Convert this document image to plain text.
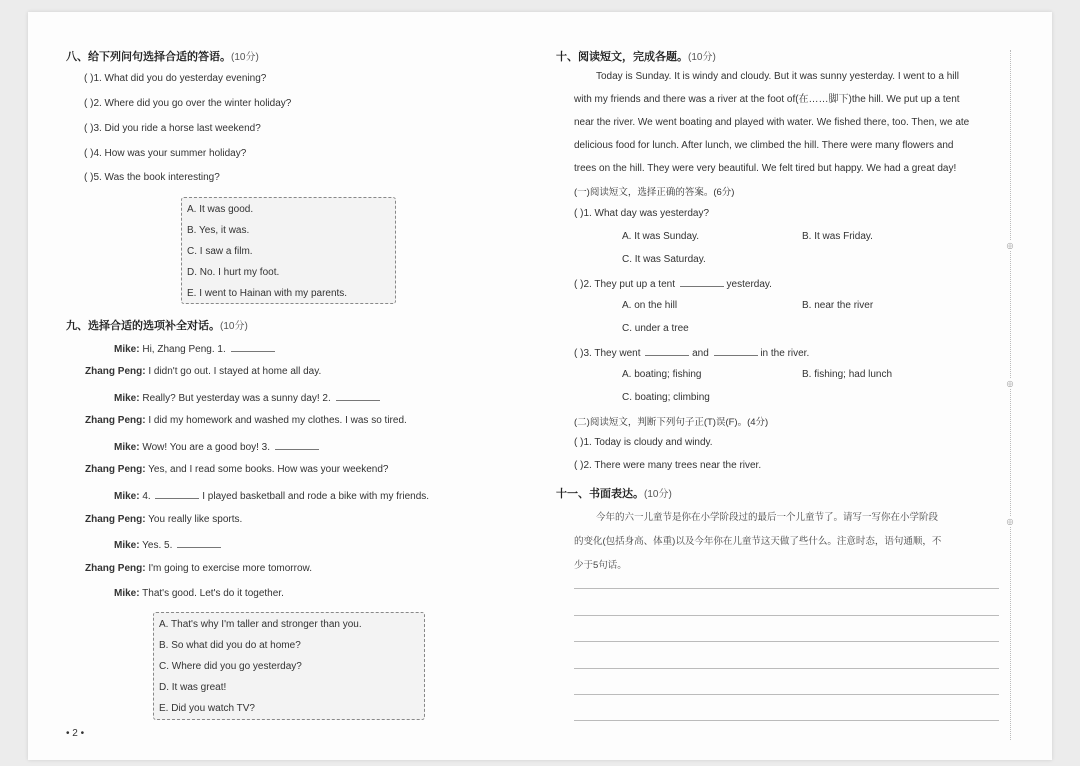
八、给下列问句选择合适的答语。(10分)
( )1. What did you do yesterday evening?
( )2. Where did you go over the winter holiday?
( )3. Did you ride a horse last weekend?
( )4. How was your summer holiday?
( )5. Was the book interesting?
A. It was good.
B. Yes, it was.
C. I saw a film.
D. No. I hurt my foot.
E. I went to Hainan with my parents.
九、选择合适的选项补全对话。(10分)
Mike: Hi, Zhang Peng. 1.
Zhang Peng: I didn't go out. I stayed at home all day.
Mike: Really? But yesterday was a sunny day! 2.
Zhang Peng: I did my homework and washed my clothes. I was so tired.
Mike: Wow! You are a good boy! 3.
Zhang Peng: Yes, and I read some books. How was your weekend?
Mike: 4.	I played basketball and rode a bike with my friends.
Zhang Peng: You really like sports.
Mike: Yes. 5.
Zhang Peng: I'm going to exercise more tomorrow.
Mike: That's good. Let's do it together.
A. That's why I'm taller and stronger than you.
B. So what did you do at home?
C. Where did you go yesterday?
D. It was great!
E. Did you watch TV?
• 2 •
十、阅读短文，完成各题。(10分)
Today is Sunday. It is windy and cloudy. But it was sunny yesterday. I went to a hill
with my friends and there was a river at the foot of(在……脚下)the hill. We put up a tent
near the river. We went boating and played with water. We fished there, too. Then, we ate
delicious food for lunch. After lunch, we climbed the hill. There were many flowers and
trees on the hill. They were very beautiful. We felt tired but happy. We had a great day!
(一)阅读短文，选择正确的答案。(6分)
( )1. What day was yesterday?
A. It was Sunday.	B. It was Friday.
C. It was Saturday.
( )2. They put up a tent	yesterday.
A. on the hill	B. near the river
C. under a tree
( )3. They went	and	in the river.
A. boating; fishing	B. fishing; had lunch
C. boating; climbing
(二)阅读短文，判断下列句子正(T)误(F)。(4分)
( )1. Today is cloudy and windy.
( )2. There were many trees near the river.
十一、书面表达。(10分)
今年的六一儿童节是你在小学阶段过的最后一个儿童节了。请写一写你在小学阶段
的变化(包括身高、体重)以及今年你在儿童节这天做了些什么。注意时态，语句通顺，不
少于5句话。
◎
◎
◎
